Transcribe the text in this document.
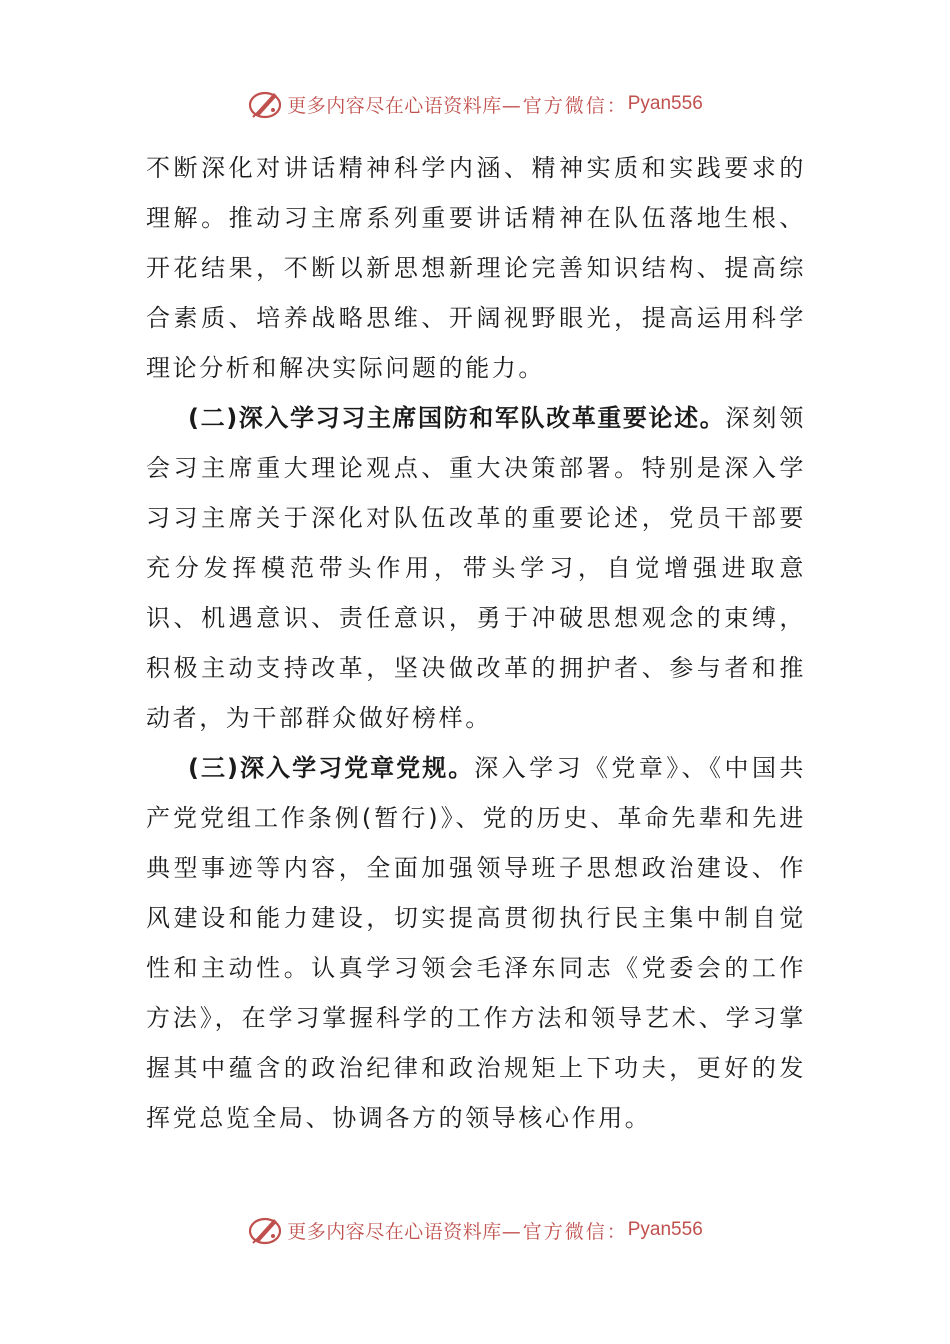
更多内容尽在心语资料库 —官方微信： Pyan556

不断深化对讲话精神科学内涵、精神实质和实践要求的理解。推动习主席系列重要讲话精神在队伍落地生根、开花结果，不断以新思想新理论完善知识结构、提高综合素质、培养战略思维、开阔视野眼光，提高运用科学理论分析和解决实际问题的能力。

(二)深入学习习主席国防和军队改革重要论述。深刻领会习主席重大理论观点、重大决策部署。特别是深入学习习主席关于深化对队伍改革的重要论述，党员干部要充分发挥模范带头作用，带头学习，自觉增强进取意识、机遇意识、责任意识，勇于冲破思想观念的束缚，积极主动支持改革，坚决做改革的拥护者、参与者和推动者，为干部群众做好榜样。

(三)深入学习党章党规。深入学习《党章》、《中国共产党党组工作条例(暂行)》、党的历史、革命先辈和先进典型事迹等内容，全面加强领导班子思想政治建设、作风建设和能力建设，切实提高贯彻执行民主集中制自觉性和主动性。认真学习领会毛泽东同志《党委会的工作方法》，在学习掌握科学的工作方法和领导艺术、学习掌握其中蕴含的政治纪律和政治规矩上下功夫，更好的发挥党总览全局、协调各方的领导核心作用。

更多内容尽在心语资料库 —官方微信： Pyan556
